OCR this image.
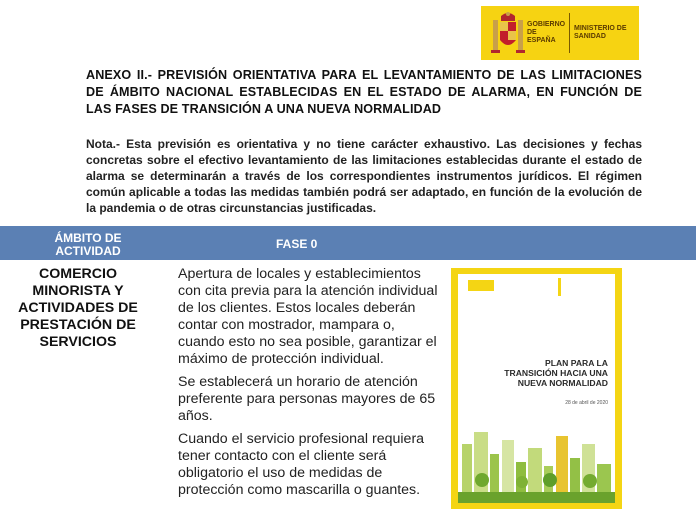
GOBIERNO DE ESPAÑA
MINISTERIO DE SANIDAD

ANEXO II.- PREVISIÓN ORIENTATIVA PARA EL LEVANTAMIENTO DE LAS LIMITACIONES DE ÁMBITO NACIONAL ESTABLECIDAS EN EL ESTADO DE ALARMA, EN FUNCIÓN DE LAS FASES DE TRANSICIÓN A UNA NUEVA NORMALIDAD

Nota.- Esta previsión es orientativa y no tiene carácter exhaustivo. Las decisiones y fechas concretas sobre el efectivo levantamiento de las limitaciones establecidas durante el estado de alarma se determinarán a través de los correspondientes instrumentos jurídicos. El régimen común aplicable a todas las medidas también podrá ser adaptado, en función de la evolución de la pandemia o de otras circunstancias justificadas.

ÁMBITO DE ACTIVIDAD	FASE 0
COMERCIO MINORISTA Y ACTIVIDADES DE PRESTACIÓN DE SERVICIOS

Apertura de locales y establecimientos con cita previa para la atención individual de los clientes. Estos locales deberán contar con mostrador, mampara o, cuando esto no sea posible, garantizar el máximo de protección individual.

Se establecerá un horario de atención preferente para personas mayores de 65 años.

Cuando el servicio profesional requiera tener contacto con el cliente será obligatorio el uso de medidas de protección como mascarilla o guantes.

PLAN PARA LA TRANSICIÓN HACIA UNA NUEVA NORMALIDAD
28 de abril de 2020
